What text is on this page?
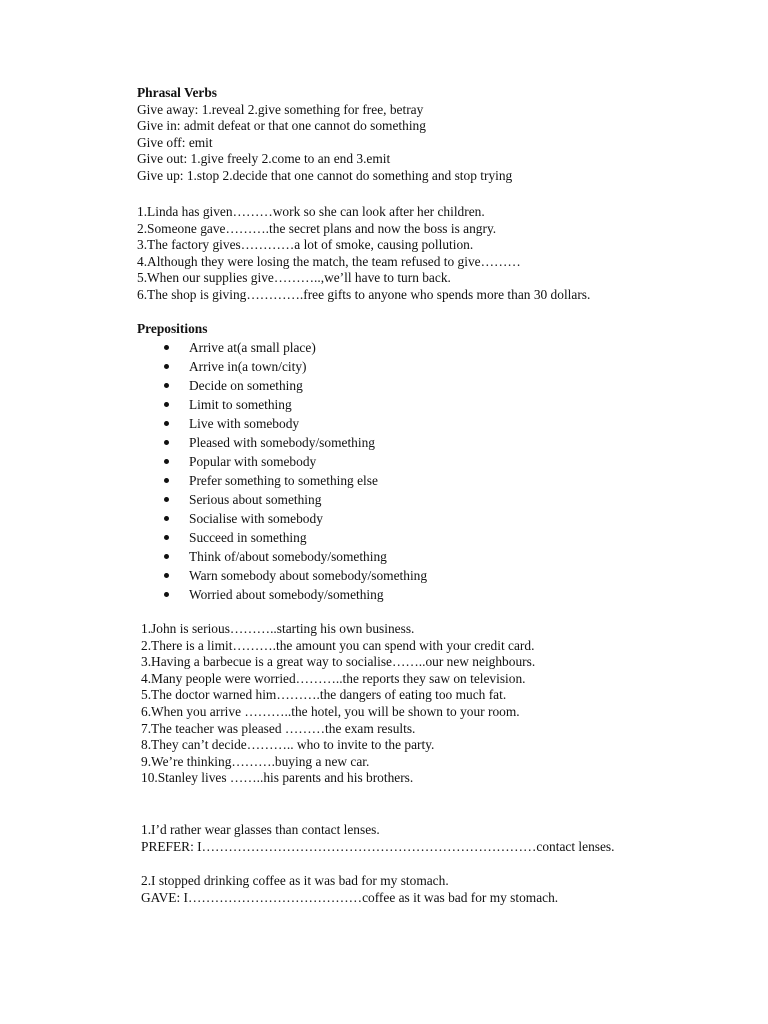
Phrasal Verbs
Give away: 1.reveal 2.give something for free, betray
Give in: admit defeat or that one cannot do something
Give off: emit
Give out: 1.give freely 2.come to an end 3.emit
Give up: 1.stop 2.decide that one cannot do something and stop trying
1.Linda has given………work so she can look after her children.
2.Someone gave……….the secret plans and now the boss is angry.
3.The factory gives…………a lot of smoke, causing pollution.
4.Although they were losing the match, the team refused to give………
5.When our supplies give………..,we’ll have to turn back.
6.The shop is giving………….free gifts to anyone who spends more than 30 dollars.
Prepositions
Arrive at(a small place)
Arrive in(a town/city)
Decide on something
Limit to something
Live with somebody
Pleased with somebody/something
Popular with somebody
Prefer something to something else
Serious about something
Socialise with somebody
Succeed in something
Think of/about somebody/something
Warn somebody about somebody/something
Worried about somebody/something
1.John is serious………..starting his own business.
2.There is a limit……….the amount you can spend with your credit card.
3.Having a barbecue is a great way to socialise……..our new neighbours.
4.Many people were worried………..the reports they saw on television.
5.The doctor warned him……….the dangers of eating too much fat.
6.When you arrive ………..the hotel, you will be shown to your room.
7.The teacher was pleased ………the exam results.
8.They can’t decide……….. who to invite to the party.
9.We’re thinking……….buying a new car.
10.Stanley lives ……..his parents and his brothers.
1.I’d rather wear glasses than contact lenses.
PREFER: I…………………………………………………………………contact lenses.
2.I stopped drinking coffee as it was bad for my stomach.
GAVE: I…………………………………coffee as it was bad for my stomach.
